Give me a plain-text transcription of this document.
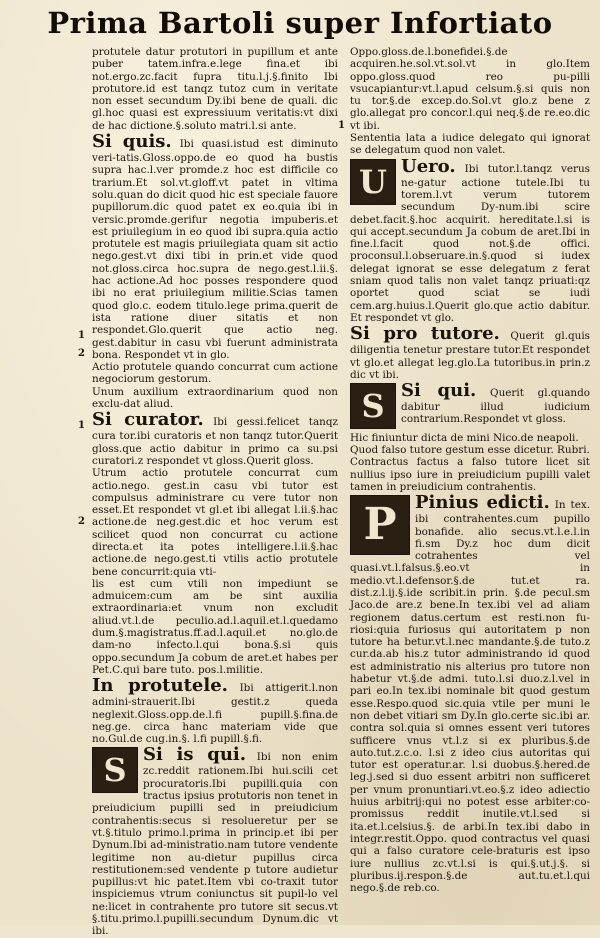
Prima Bartoli super Infortiato

protutele datur protutori in pupillum et ante puber tatem.infra.e.lege fina.et ibi not.ergo.zc.facit fupra titu.l.j.§.finito Ibi protutore.id est tanqz tutoz cum in veritate non esset secundum Dy.ibi bene de quali. dic gl.hoc quasi est expressiuum veritatis:vt dixi de hac dictione.§.soluto matri.l.si ante.

Si quis. Ibi quasi.istud est diminuto veri-tatis.Gloss.oppo.de eo quod ha bustis supra hac.l.ver promde.z hoc est difficile co trarium.Et sol.vt.gloff.vt patet in vltima solu.quan do dicit quod hic est speciale fauore pupillorum.dic quod patet ex eo.quia ibi in versic.promde.gerifur negotia impuberis.et est priuilegium in eo quod ibi supra.quia actio protutele est magis priuilegiata quam sit actio nego.gest.vt dixi tibi in prin.et vide quod not.gloss.circa hoc.supra de nego.gest.l.ii.§. hac actione.Ad hoc posses respondere quod ibi no erat priuilegium militie.Scias tamen quod glo.c. eodem titulo.lege prima.querit de ista ratione diuer sitatis et non respondet.Glo.querit que actio neg. gest.dabitur in casu vbi fuerunt administrata bona. Respondet vt in glo.

Actio protutele quando concurrat cum actione negociorum gestorum.

Unum auxilium extraordinarium quod non exclu-dat aliud.

Si curator. Ibi gessi.felicet tanqz cura tor.ibi curatoris et non tanqz tutor.Querit gloss.que actio dabitur in primo ca su.psi curatori.z respondet vt gloss.Querit gloss.

Utrum actio protutele concurrat cum actio.nego. gest.in casu vbi tutor est compulsus administrare cu vere tutor non esset.Et respondet vt gl.et ibi allegat l.ii.§.hac actione.de neg.gest.dic et hoc verum est scilicet quod non concurrat cu actione directa.et ita potes intelligere.l.ii.§.hac actione.de nego.gest.ti vtilis actio protutele bene concurrit:quia vti-

lis est cum vtili non impediunt se admuicem:cum am be sint auxilia extraordinaria:et vnum non excludit aliud.vt.l.de peculio.ad.l.aquil.et.l.quedamo dum.§.magistratus.ff.ad.l.aquil.et no.glo.de dam-no infecto.l.qui bona.§.si quis oppo.secundum Ja cobum de aret.et habes per Pet.C.qui bare tuto. pos.l.militie.

In protutele. Ibi attigerit.l.non admini-strauerit.Ibi gestit.z queda neglexit.Gloss.opp.de.l.fi pupill.§.fina.de neg.ge. circa hanc materiam vide que no.Gul.de cug.in.§. l.fi pupill.§.fi.

S Si is qui. Ibi non enim zc.reddit rationem.Ibi hui.scili cet procuratoris.Ibi pupilli.quia con tractus ipsius protutoris non tenet in preiudicium pupilli sed in preiudicium contrahentis:secus si resolueretur per se vt.§.titulo primo.l.prima in princip.et ibi per Dynum.Ibi ad-ministratio.nam tutore vendente legitime non au-dietur pupillus circa restitutionem:sed vendente p tutore audietur pupillus:vt hic patet.Item vbi co-traxit tutor inspiciemus vtrum coniunctus sit pupil-lo vel ne:licet in contrahente pro tutore sit secus.vt §.titu.primo.l.pupilli.secundum Dynum.dic vt ibi.

1
2
1
2
1

Oppo.gloss.de.l.bonefidei.§.de acquiren.he.sol.vt.sol.vt in glo.Item oppo.gloss.quod reo pu-pilli vsucapiantur:vt.l.apud celsum.§.si quis non tu tor.§.de excep.do.Sol.vt glo.z bene z glo.allegat pro concor.l.qui neq.§.de re.eo.dic vt ibi.

Sententia lata a iudice delegato qui ignorat se delegatum quod non valet.

U Uero. Ibi tutor.l.tanqz verus ne-gatur actione tutele.Ibi tu torem.l.vt verum tutorem secundum Dy-num.ibi scire debet.facit.§.hoc acquirit. hereditate.l.si is qui accept.secundum Ja cobum de aret.Ibi in fine.l.facit quod not.§.de offici. proconsul.l.obseruare.in.§.quod si iudex delegat ignorat se esse delegatum z ferat sniam quod talis non valet tanqz priuati:qz oportet quod sciat se iudi cem.arg.huius.l.Querit glo.que actio dabitur. Et respondet vt glo.

Si pro tutore. Querit gl.quis diligentia tenetur prestare tutor.Et respondet vt glo.et allegat leg.glo.La tutoribus.in prin.z dic vt ibi.

S Si qui. Querit gl.quando dabitur illud iudicium contrarium.Respondet vt gloss.

Hic finiuntur dicta de mini Nico.de neapoli.

Quod falso tutore gestum esse dicetur. Rubri.

Contractus factus a falso tutore licet sit nullius ipso iure in preiudicium pupilli valet tamen in preiudicium contrahentis.

P	Pinius edicti. In tex. ibi contrahentes.cum pupillo bonafide. alio secus.vt.l.e.l.in fi.sm Dy.z hoc dum dicit cotrahentes vel quasi.vt.l.falsus.§.eo.vt in medio.vt.l.defensor.§.de tut.et ra. dist.z.l.ij.§.ide scribit.in prin. §.de pecul.sm Jaco.de are.z bene.In tex.ibi vel ad aliam regionem datus.certum est resti.non fu-riosi:quia furiosus qui autoritatem p non tutore ha betur.vt.l.nec mandante.§.de tuto.z cur.da.ab his.z tutor administrando id quod est administratio nis alterius pro tutore non habetur vt.§.de admi. tuto.l.si duo.z.l.vel in pari eo.In tex.ibi nominale bit quod gestum esse.Respo.quod sic.quia vtile per muni le non debet vitiari sm Dy.In glo.certe sic.ibi ar. contra sol.quia si omnes essent veri tutores sufficere vnus vt.l.z si ex pluribus.§.de auto.tut.z.c.o. l.si z ideo cius autoritas qui tutor est operatur.ar. l.si duobus.§.hered.de leg.j.sed si duo essent arbitri non sufficeret per vnum pronuntiari.vt.eo.§.z ideo adiectio huius arbitrij:qui no potest esse arbiter:co-promissus reddit inutile.vt.l.sed si ita.et.l.celsius.§. de arbi.In tex.ibi dabo in integr.restit.Oppo. quod contractus vel quasi qui a falso curatore cele-braturis est ipso iure nullius zc.vt.l.si is qui.§.ut.j.§. si pluribus.ij.respon.§.de aut.tu.et.l.qui nego.§.de reb.co.
